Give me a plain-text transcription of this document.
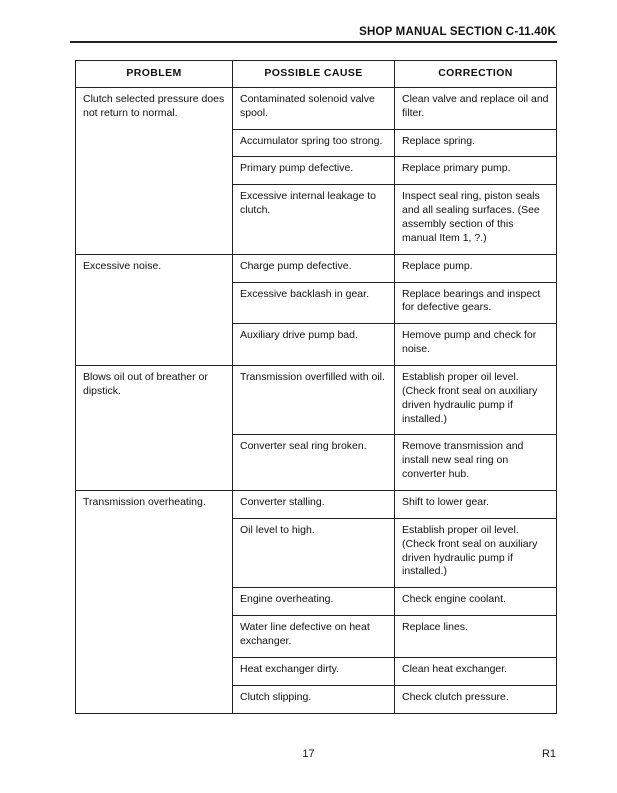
SHOP MANUAL SECTION C-11.40K
PROBLEM	POSSIBLE CAUSE	CORRECTION
Clutch selected pressure does not return to normal.	Contaminated solenoid valve spool.	Clean valve and replace oil and filter.
	Accumulator spring too strong.	Replace spring.
	Primary pump defective.	Replace primary pump.
	Excessive internal leakage to clutch.	Inspect seal ring, piston seals and all sealing surfaces. (See assembly section of this manual Item 1, ?.)
Excessive noise.	Charge pump defective.	Replace pump.
	Excessive backlash in gear.	Replace bearings and inspect for defective gears.
	Auxiliary drive pump bad.	Hemove pump and check for noise.
Blows oil out of breather or dipstick.	Transmission overfilled with oil.	Establish proper oil level. (Check front seal on auxiliary driven hydraulic pump if installed.)
	Converter seal ring broken.	Remove transmission and install new seal ring on converter hub.
Transmission overheating.	Converter stalling.	Shift to lower gear.
	Oil level to high.	Establish proper oil level. (Check front seal on auxiliary driven hydraulic pump if installed.)
	Engine overheating.	Check engine coolant.
	Water line defective on heat exchanger.	Replace lines.
	Heat exchanger dirty.	Clean heat exchanger.
	Clutch slipping.	Check clutch pressure.
17	R1
